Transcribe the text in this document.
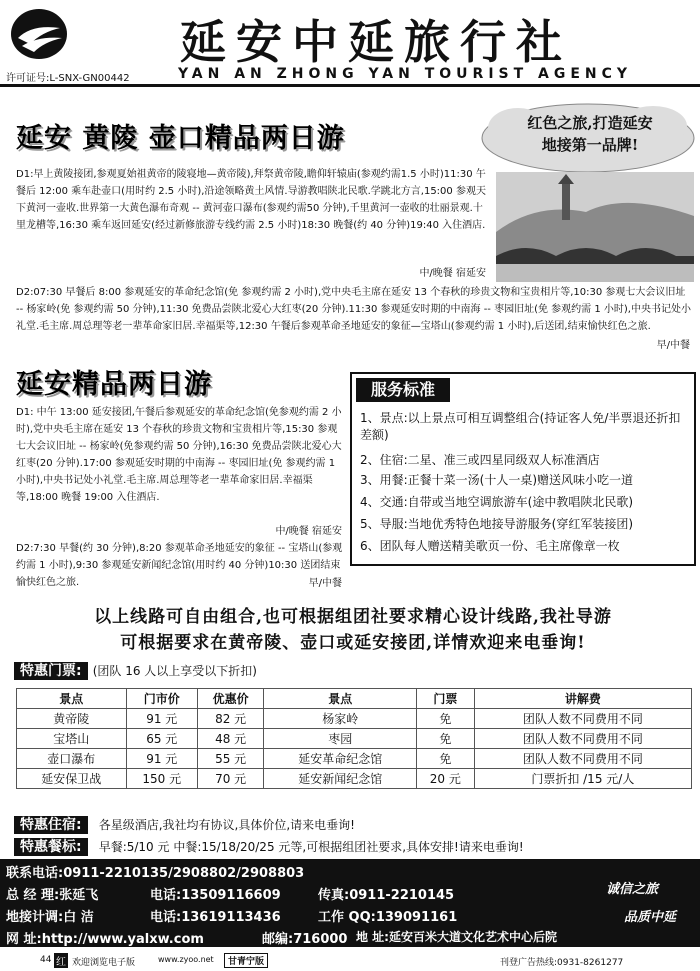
延安中延旅行社
YAN AN ZHONG YAN TOURIST AGENCY
许可证号:L-SNX-GN00442
红色之旅,打造延安
地接第一品牌!
延安 黄陵 壶口精品两日游
D1:早上黄陵接团,参观夏始祖黄帝的陵寝地—黄帝陵),拜祭黄帝陵,瞻仰轩辕庙(参观约需1.5 小时)11:30 午餐后 12:00 乘车赴壶口(用时约 2.5 小时),沿途领略黄土风情.导游教唱陕北民歌.学跳北方言,15:00 参观天下黄河一壶收.世界第一大黄色瀑布奇观 -- 黄河壶口瀑布(参观约需50 分钟),千里黄河一壶收的壮丽景观.十里龙槽等,16:30 乘车返回延安(经过新修旅游专线约需 2.5 小时)18:30 晚餐(约 40 分钟)19:40 入住酒店.
中/晚餐 宿延安
D2:07:30 早餐后 8:00 参观延安的革命纪念馆(免 参观约需 2 小时),党中央毛主席在延安 13 个春秋的珍贵文物和宝贵相片等,10:30 参观七大会议旧址 -- 杨家岭(免 参观约需 50 分钟),11:30 免费品尝陕北爱心大红枣(20 分钟).11:30 参观延安时期的中南海 -- 枣园旧址(免 参观约需 1 小时),中央书记处小礼堂.毛主席.周总理等老一辈革命家旧居.幸福渠等,12:30 午餐后参观革命圣地延安的象征—宝塔山(参观约需 1 小时),后送团,结束愉快红色之旅.
早/中餐
延安精品两日游
D1: 中午 13:00 延安接团,午餐后参观延安的革命纪念馆(免参观约需 2 小时),党中央毛主席在延安 13 个春秋的珍贵文物和宝贵相片等,15:30 参观七大会议旧址 -- 杨家岭(免参观约需 50 分钟),16:30 免费品尝陕北爱心大红枣(20 分钟).17:00 参观延安时期的中南海 -- 枣园旧址(免 参观约需 1 小时),中央书记处小礼堂.毛主席.周总理等老一辈革命家旧居.幸福渠等,18:00 晚餐 19:00 入住酒店.
中/晚餐 宿延安
D2:7:30 早餐(约 30 分钟),8:20 参观革命圣地延安的象征 -- 宝塔山(参观约需 1 小时),9:30 参观延安新闻纪念馆(用时约 40 分钟)10:30 送团结束愉快红色之旅.	早/中餐
服务标准
1、景点:以上景点可相互调整组合(持证客人免/半票退还折扣差额)
2、住宿:二星、准三或四星同级双人标准酒店
3、用餐:正餐十菜一汤(十人一桌)赠送风味小吃一道
4、交通:自带或当地空调旅游车(途中教唱陕北民歌)
5、导服:当地优秀特色地接导游服务(穿红军装接团)
6、团队每人赠送精美歌页一份、毛主席像章一枚
以上线路可自由组合,也可根据组团社要求精心设计线路,我社导游
可根据要求在黄帝陵、壶口或延安接团,详情欢迎来电垂询!
特惠门票: (团队 16 人以上享受以下折扣)
景点	门市价	优惠价	景点	门票	讲解费
黄帝陵	91 元	82 元	杨家岭	免	团队人数不同费用不同
宝塔山	65 元	48 元	枣园	免	团队人数不同费用不同
壶口瀑布	91 元	55 元	延安革命纪念馆	免	团队人数不同费用不同
延安保卫战	150 元	70 元	延安新闻纪念馆	20 元	门票折扣 /15 元/人
特惠住宿: 各星级酒店,我社均有协议,具体价位,请来电垂询!
特惠餐标: 早餐:5/10 元 中餐:15/18/20/25 元等,可根据组团社要求,具体安排!请来电垂询!
联系电话:0911-2210135/2908802/2908803
总 经 理:张延飞	电话:13509116609	传真:0911-2210145
地接计调:白 洁	电话:13619113436	工作 QQ:139091161
网 址:http://www.yalxw.com	邮编:716000 地 址:延安百米大道文化艺术中心后院
诚信之旅
品质中延
44 红 欢迎浏览电子版	www.zyoo.net	甘青宁版	刊登广告热线:0931-8261277
